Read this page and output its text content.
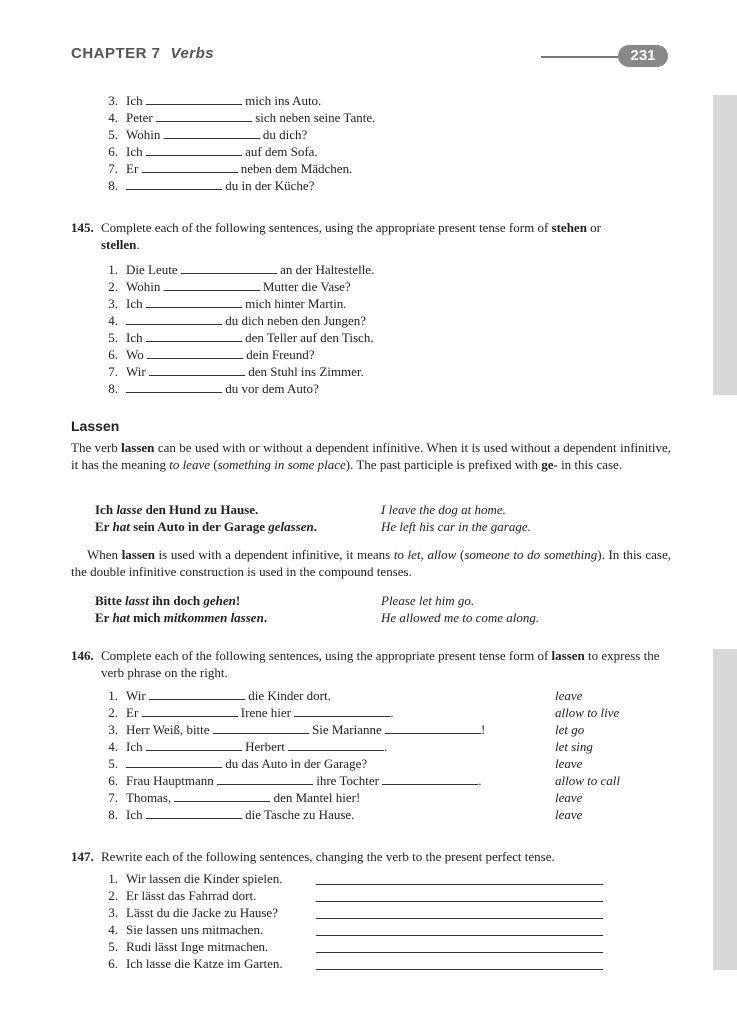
CHAPTER 7 Verbs	231
3. Ich	mich ins Auto.
4. Peter	sich neben seine Tante.
5. Wohin	du dich?
6. Ich	auf dem Sofa.
7. Er	neben dem Mädchen.
8.	du in der Küche?
145. Complete each of the following sentences, using the appropriate present tense form of stehen or
stellen.
1. Die Leute	an der Haltestelle.
2. Wohin	Mutter die Vase?
3. Ich	mich hinter Martin.
4.	du dich neben den Jungen?
5. Ich	den Teller auf den Tisch.
6. Wo	dein Freund?
7. Wir	den Stuhl ins Zimmer.
8.	du vor dem Auto?
Lassen
The verb lassen can be used with or without a dependent infinitive. When it is used without a dependent infinitive, it has the meaning to leave (something in some place). The past participle is prefixed with ge- in this case.
Ich lasse den Hund zu Hause.	I leave the dog at home.
Er hat sein Auto in der Garage gelassen.	He left his car in the garage.
When lassen is used with a dependent infinitive, it means to let, allow (someone to do something). In this case, the double infinitive construction is used in the compound tenses.
Bitte lasst ihn doch gehen!	Please let him go.
Er hat mich mitkommen lassen.	He allowed me to come along.
146. Complete each of the following sentences, using the appropriate present tense form of lassen to express the verb phrase on the right.
1. Wir	die Kinder dort.	leave
2. Er	Irene hier	.	allow to live
3. Herr Weiß, bitte	Sie Marianne	!	let go
4. Ich	Herbert	.	let sing
5.	du das Auto in der Garage?	leave
6. Frau Hauptmann	ihre Tochter	.	allow to call
7. Thomas,	den Mantel hier!	leave
8. Ich	die Tasche zu Hause.	leave
147. Rewrite each of the following sentences, changing the verb to the present perfect tense.
1. Wir lassen die Kinder spielen.
2. Er lässt das Fahrrad dort.
3. Lässt du die Jacke zu Hause?
4. Sie lassen uns mitmachen.
5. Rudi lässt Inge mitmachen.
6. Ich lasse die Katze im Garten.
